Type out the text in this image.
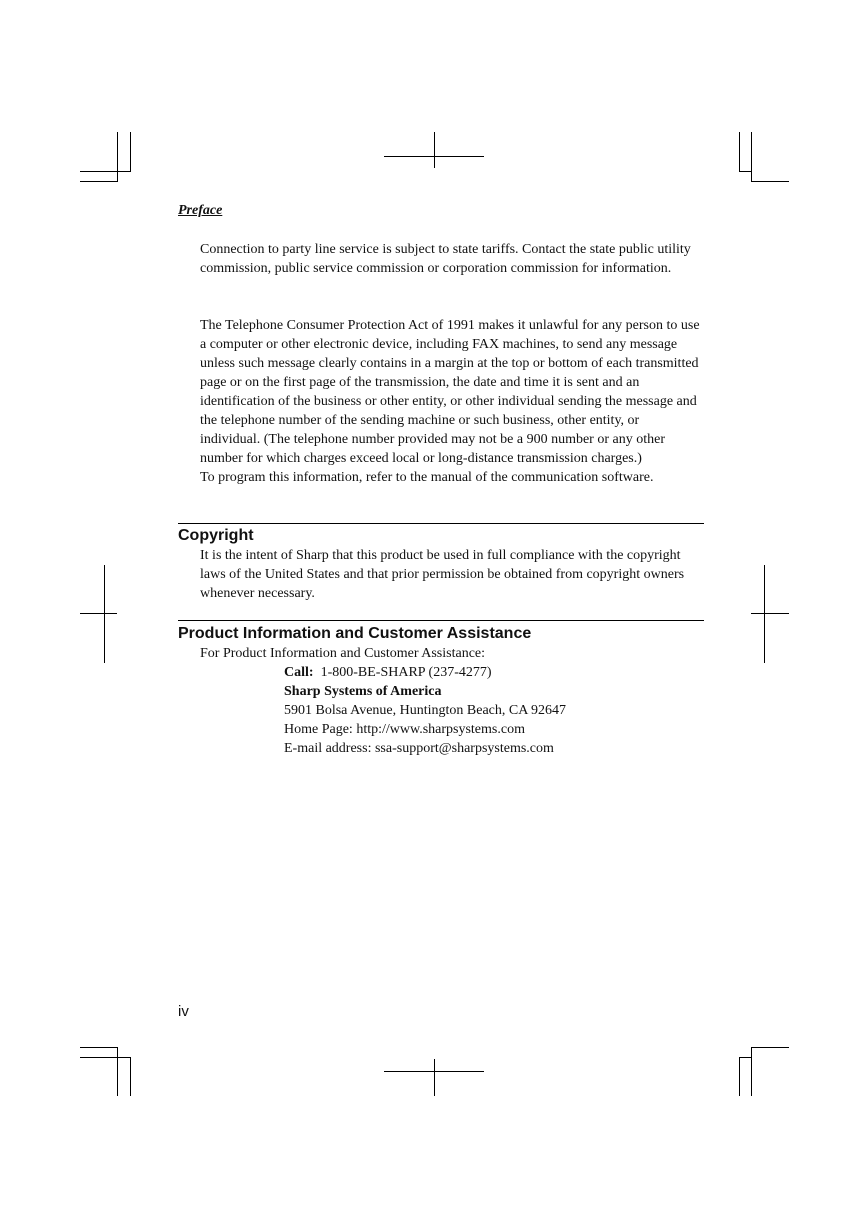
Preface

Connection to party line service is subject to state tariffs. Contact the state public utility commission, public service commission or corporation commission for information.

The Telephone Consumer Protection Act of 1991 makes it unlawful for any person to use a computer or other electronic device, including FAX machines, to send any message unless such message clearly contains in a margin at the top or bottom of each transmitted page or on the first page of the transmission, the date and time it is sent and an identification of the business or other entity, or other individual sending the message and the telephone number of the sending machine or such business, other entity, or individual. (The telephone number provided may not be a 900 number or any other number for which charges exceed local or long-distance transmission charges.)
To program this information, refer to the manual of the communication software.
Copyright

It is the intent of Sharp that this product be used in full compliance with the copyright laws of the United States and that prior permission be obtained from copyright owners whenever necessary.

Product Information and Customer Assistance
For Product Information and Customer Assistance:
Call: 1-800-BE-SHARP (237-4277)
Sharp Systems of America
5901 Bolsa Avenue, Huntington Beach, CA 92647
Home Page: http://www.sharpsystems.com
E-mail address: ssa-support@sharpsystems.com
iv
